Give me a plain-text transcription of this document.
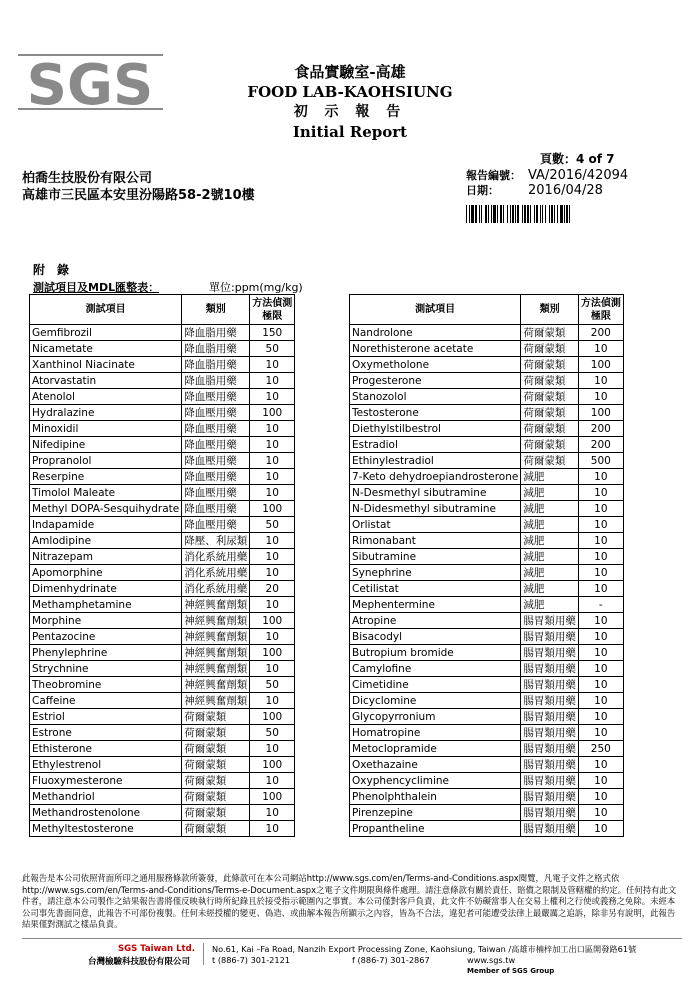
SGS	食品實驗室-高雄
FOOD LAB-KAOHSIUNG
初 示 報 告
Initial Report
頁數：4 of 7
柏喬生技股份有限公司
高雄市三民區本安里汾陽路58-2號10樓
報告編號： VA/2016/42094
日期： 2016/04/28
附　錄
測試項目及MDL匯整表：	單位:ppm(mg/kg)
測試項目	類別	方法偵測
極限
Gemfibrozil	降血脂用藥	150
Nicametate	降血脂用藥	50
Xanthinol Niacinate	降血脂用藥	10
Atorvastatin	降血脂用藥	10
Atenolol	降血壓用藥	10
Hydralazine	降血壓用藥	100
Minoxidil	降血壓用藥	10
Nifedipine	降血壓用藥	10
Propranolol	降血壓用藥	10
Reserpine	降血壓用藥	10
Timolol Maleate	降血壓用藥	10
Methyl DOPA-Sesquihydrate	降血壓用藥	100
Indapamide	降血壓用藥	50
Amlodipine	降壓、利尿類	10
Nitrazepam	消化系統用藥	10
Apomorphine	消化系統用藥	10
Dimenhydrinate	消化系統用藥	20
Methamphetamine	神經興奮劑類	10
Morphine	神經興奮劑類	100
Pentazocine	神經興奮劑類	10
Phenylephrine	神經興奮劑類	100
Strychnine	神經興奮劑類	10
Theobromine	神經興奮劑類	50
Caffeine	神經興奮劑類	10
Estriol	荷爾蒙類	100
Estrone	荷爾蒙類	50
Ethisterone	荷爾蒙類	10
Ethylestrenol	荷爾蒙類	100
Fluoxymesterone	荷爾蒙類	10
Methandriol	荷爾蒙類	100
Methandrostenolone	荷爾蒙類	10
Methyltestosterone	荷爾蒙類	10
測試項目	類別	方法偵測
極限
Nandrolone	荷爾蒙類	200
Norethisterone acetate	荷爾蒙類	10
Oxymetholone	荷爾蒙類	100
Progesterone	荷爾蒙類	10
Stanozolol	荷爾蒙類	10
Testosterone	荷爾蒙類	100
Diethylstilbestrol	荷爾蒙類	200
Estradiol	荷爾蒙類	200
Ethinylestradiol	荷爾蒙類	500
7-Keto dehydroepiandrosterone	減肥	10
N-Desmethyl sibutramine	減肥	10
N-Didesmethyl sibutramine	減肥	10
Orlistat	減肥	10
Rimonabant	減肥	10
Sibutramine	減肥	10
Synephrine	減肥	10
Cetilistat	減肥	10
Mephentermine	減肥	-
Atropine	腸胃類用藥	10
Bisacodyl	腸胃類用藥	10
Butropium bromide	腸胃類用藥	10
Camylofine	腸胃類用藥	10
Cimetidine	腸胃類用藥	10
Dicyclomine	腸胃類用藥	10
Glycopyrronium	腸胃類用藥	10
Homatropine	腸胃類用藥	10
Metoclopramide	腸胃類用藥	250
Oxethazaine	腸胃類用藥	10
Oxyphencyclimine	腸胃類用藥	10
Phenolphthalein	腸胃類用藥	10
Pirenzepine	腸胃類用藥	10
Propantheline	腸胃類用藥	10
此報告是本公司依照背面所印之通用服務條款所簽發，此條款可在本公司網站http://www.sgs.com/en/Terms-and-Conditions.aspx閱覽，凡電子文件之格式依http://www.sgs.com/en/Terms-and-Conditions/Terms-e-Document.aspx之電子文件期限與條件處理。請注意條款有關於責任、賠償之限制及管轄權的約定。任何持有此文件者，請注意本公司製作之結果報告書將僅反映執行時所紀錄且於接受指示範圍內之事實。本公司僅對客戶負責，此文件不妨礙當事人在交易上權利之行使或義務之免除。未經本公司事先書面同意，此報告不可部份複製。任何未經授權的變更、偽造、或曲解本報告所顯示之內容，皆為不合法，違犯者可能遭受法律上最嚴厲之追訴，除非另有說明，此報告結果僅對測試之樣品負責。
SGS Taiwan Ltd.
台灣檢驗科技股份有限公司
No.61, Kai –Fa Road, Nanzih Export Processing Zone, Kaohsiung, Taiwan /高雄市楠梓加工出口區開發路61號
t (886-7) 301-2121	f (886-7) 301-2867	www.sgs.tw
Member of SGS Group
